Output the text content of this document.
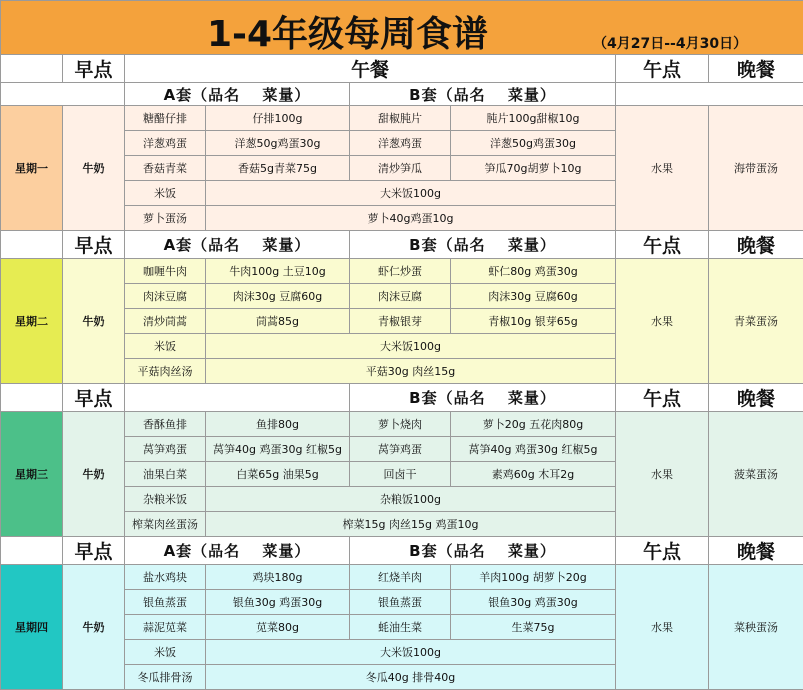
1-4年级每周食谱 （4月27日--4月30日）							

	早点	午餐				午点	晚餐
		A套（品名　 菜量）		B套（品名　 菜量）			
星期一	牛奶	糖醋仔排	仔排100g	甜椒肫片	肫片100g甜椒10g	水果	海带蛋汤
		洋葱鸡蛋	洋葱50g鸡蛋30g	洋葱鸡蛋	洋葱50g鸡蛋30g		
		香菇青菜	香菇5g青菜75g	清炒笋瓜	笋瓜70g胡萝卜10g		
		米饭	大米饭100g				
		萝卜蛋汤	萝卜40g鸡蛋10g				
	早点	A套（品名　 菜量）		B套（品名　 菜量）		午点	晚餐
星期二	牛奶	咖喱牛肉	牛肉100g 土豆10g	虾仁炒蛋	虾仁80g 鸡蛋30g	水果	青菜蛋汤
		肉沫豆腐	肉沫30g 豆腐60g	肉沫豆腐	肉沫30g 豆腐60g		
		清炒茼蒿	茼蒿85g	青椒银芽	青椒10g 银芽65g		
		米饭	大米饭100g				
		平菇肉丝汤	平菇30g 肉丝15g				
	早点			B套（品名　 菜量）		午点	晚餐
星期三	牛奶	香酥鱼排	鱼排80g	萝卜烧肉	萝卜20g 五花肉80g	水果	菠菜蛋汤
		莴笋鸡蛋	莴笋40g 鸡蛋30g 红椒5g	莴笋鸡蛋	莴笋40g 鸡蛋30g 红椒5g		
		油果白菜	白菜65g 油果5g	回卤干	素鸡60g 木耳2g		
		杂粮米饭	杂粮饭100g				
		榨菜肉丝蛋汤	榨菜15g 肉丝15g 鸡蛋10g				
	早点	A套（品名　 菜量）		B套（品名　 菜量）		午点	晚餐
星期四	牛奶	盐水鸡块	鸡块180g	红烧羊肉	羊肉100g 胡萝卜20g	水果	菜秧蛋汤
		银鱼蒸蛋	银鱼30g 鸡蛋30g	银鱼蒸蛋	银鱼30g 鸡蛋30g		
		蒜泥苋菜	苋菜80g	蚝油生菜	生菜75g		
		米饭	大米饭100g				
		冬瓜排骨汤	冬瓜40g 排骨40g				
